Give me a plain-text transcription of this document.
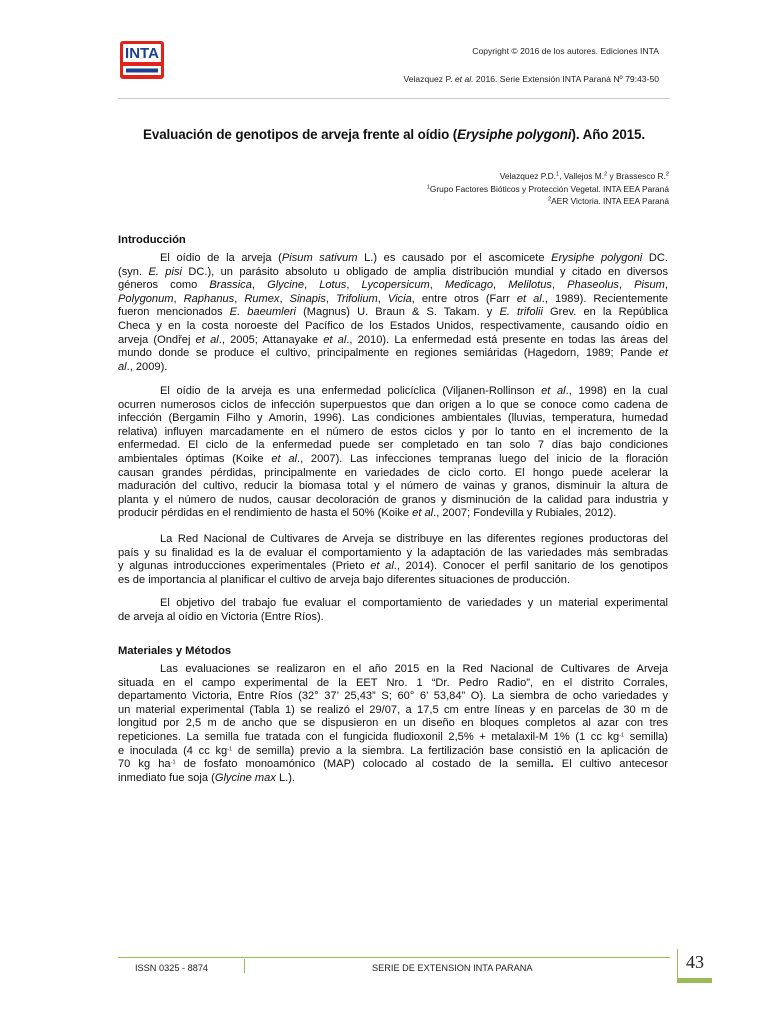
INTA	Copyright © 2016 de los autores. Ediciones INTA
Velazquez P. et al. 2016. Serie Extensión INTA Paraná Nº 79:43-50
Evaluación de genotipos de arveja frente al oídio (Erysiphe polygoni). Año 2015.
Velazquez P.D.$^1$, Vallejos M.$^2$ y Brassesco R.$^2$
$^1$Grupo Factores Bióticos y Protección Vegetal. INTA EEA Paraná
$^2$AER Victoria. INTA EEA Paraná
Introducción
El oídio de la arveja (Pisum sativum L.) es causado por el ascomicete Erysiphe polygoni DC.
(syn. E. pisi DC.), un parásito absoluto u obligado de amplia distribución mundial y citado en diversos
géneros como Brassica, Glycine, Lotus, Lycopersicum, Medicago, Melilotus, Phaseolus, Pisum,
Polygonum, Raphanus, Rumex, Sinapis, Trifolium, Vicia, entre otros (Farr et al., 1989). Recientemente
fueron mencionados E. baeumleri (Magnus) U. Braun & S. Takam. y E. trifolii Grev. en la República
Checa y en la costa noroeste del Pacífico de los Estados Unidos, respectivamente, causando oídio en
arveja (Ondřej et al., 2005; Attanayake et al., 2010). La enfermedad está presente en todas las áreas del
mundo donde se produce el cultivo, principalmente en regiones semiáridas (Hagedorn, 1989; Pande et
al., 2009).
El oídio de la arveja es una enfermedad policíclica (Viljanen-Rollinson et al., 1998) en la cual
ocurren numerosos ciclos de infección superpuestos que dan origen a lo que se conoce como cadena de
infección (Bergamin Filho y Amorin, 1996). Las condiciones ambientales (lluvias, temperatura, humedad
relativa) influyen marcadamente en el número de estos ciclos y por lo tanto en el incremento de la
enfermedad. El ciclo de la enfermedad puede ser completado en tan solo 7 días bajo condiciones
ambientales óptimas (Koike et al., 2007). Las infecciones tempranas luego del inicio de la floración
causan grandes pérdidas, principalmente en variedades de ciclo corto. El hongo puede acelerar la
maduración del cultivo, reducir la biomasa total y el número de vainas y granos, disminuir la altura de
planta y el número de nudos, causar decoloración de granos y disminución de la calidad para industria y
producir pérdidas en el rendimiento de hasta el 50% (Koike et al., 2007; Fondevilla y Rubiales, 2012).
La Red Nacional de Cultivares de Arveja se distribuye en las diferentes regiones productoras del
país y su finalidad es la de evaluar el comportamiento y la adaptación de las variedades más sembradas
y algunas introducciones experimentales (Prieto et al., 2014). Conocer el perfil sanitario de los genotipos
es de importancia al planificar el cultivo de arveja bajo diferentes situaciones de producción.
El objetivo del trabajo fue evaluar el comportamiento de variedades y un material experimental
de arveja al oídio en Victoria (Entre Ríos).
Materiales y Métodos
Las evaluaciones se realizaron en el año 2015 en la Red Nacional de Cultivares de Arveja
situada en el campo experimental de la EET Nro. 1 “Dr. Pedro Radio”, en el distrito Corrales,
departamento Victoria, Entre Ríos (32° 37’ 25,43” S; 60° 6’ 53,84” O). La siembra de ocho variedades y
un material experimental (Tabla 1) se realizó el 29/07, a 17,5 cm entre líneas y en parcelas de 30 m de
longitud por 2,5 m de ancho que se dispusieron en un diseño en bloques completos al azar con tres
repeticiones. La semilla fue tratada con el fungicida fludioxonil 2,5% + metalaxil-M 1% (1 cc $kg^{-1}$ semilla)
e inoculada (4 cc $kg^{-1}$ de semilla) previo a la siembra. La fertilización base consistió en la aplicación de
70 kg $ha^{-1}$ de fosfato monoamónico (MAP) colocado al costado de la semilla. El cultivo antecesor
inmediato fue soja (Glycine max L.).
ISSN 0325 - 8874	SERIE DE EXTENSION INTA PARANA	43
